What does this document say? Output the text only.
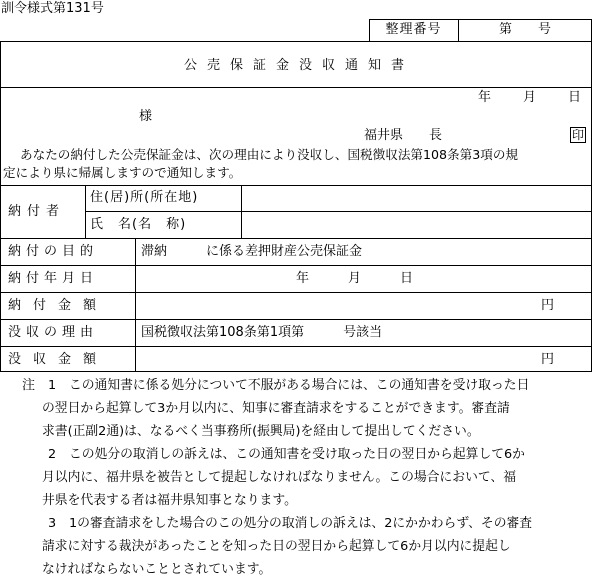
訓令様式第131号
整理番号	第　　号
公売保証金没収通知書
年　　月　　日
様
福井県　　長	印
あなたの納付した公売保証金は、次の理由により没収し、国税徴収法第108条第3項の規
定により県に帰属しますので通知します。
納付者
住(居)所(所在地)
氏　名(名　称)
納付の目的	滞納　　　に係る差押財産公売保証金
納付年月日	年　　　月　　　日
納付金額	円
没収の理由	国税徴収法第108条第1項第　　　号該当
没収金額	円
注 1　この通知書に係る処分について不服がある場合には、この通知書を受け取った日
の翌日から起算して3か月以内に、知事に審査請求をすることができます。審査請
求書(正副2通)は、なるべく当事務所(振興局)を経由して提出してください。
2　この処分の取消しの訴えは、この通知書を受け取った日の翌日から起算して6か
月以内に、福井県を被告として提起しなければなりません。この場合において、福
井県を代表する者は福井県知事となります。
3　1の審査請求をした場合のこの処分の取消しの訴えは、2にかかわらず、その審査
請求に対する裁決があったことを知った日の翌日から起算して6か月以内に提起し
なければならないこととされています。
